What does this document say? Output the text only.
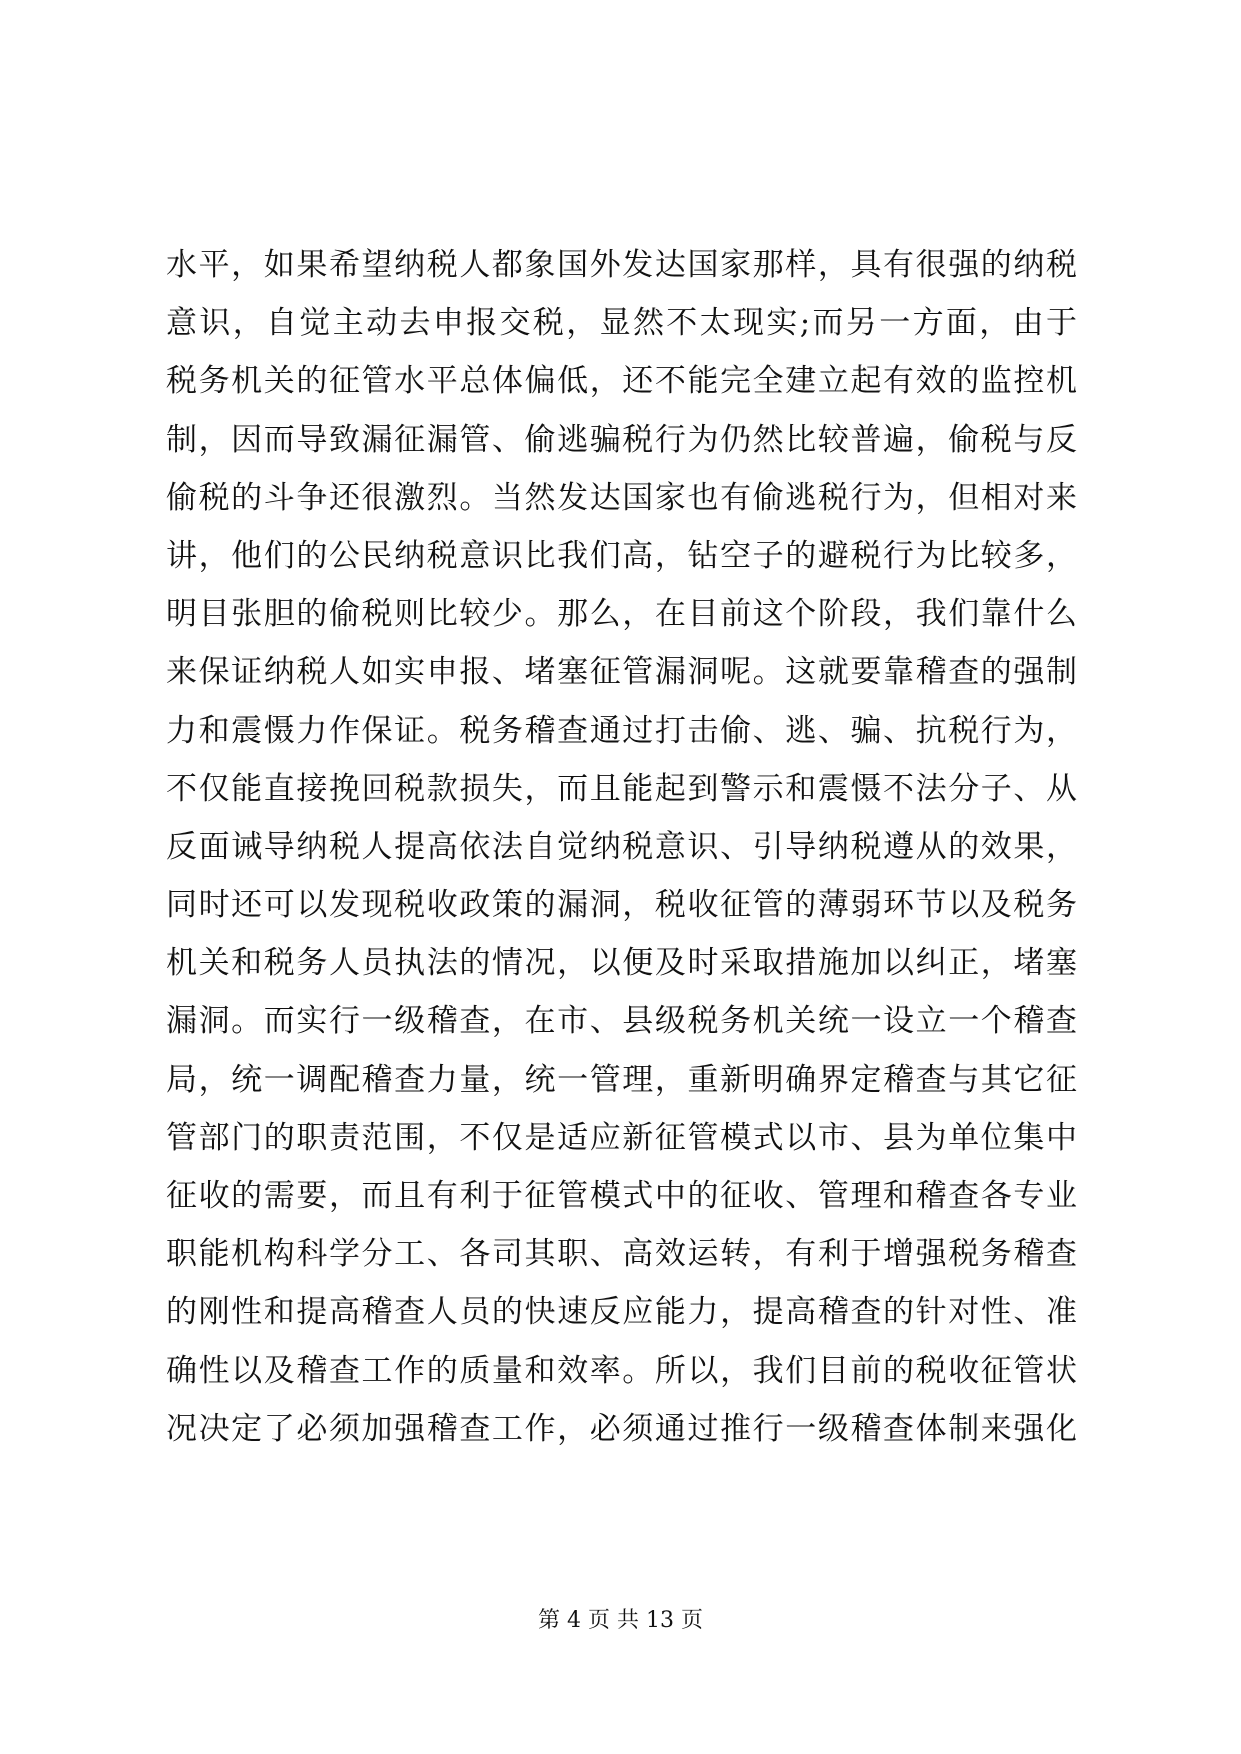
水平，如果希望纳税人都象国外发达国家那样，具有很强的纳税
意识，自觉主动去申报交税，显然不太现实;而另一方面，由于
税务机关的征管水平总体偏低，还不能完全建立起有效的监控机
制，因而导致漏征漏管、偷逃骗税行为仍然比较普遍，偷税与反
偷税的斗争还很激烈。当然发达国家也有偷逃税行为，但相对来
讲，他们的公民纳税意识比我们高，钻空子的避税行为比较多，
明目张胆的偷税则比较少。那么，在目前这个阶段，我们靠什么
来保证纳税人如实申报、堵塞征管漏洞呢。这就要靠稽查的强制
力和震慑力作保证。税务稽查通过打击偷、逃、骗、抗税行为，
不仅能直接挽回税款损失，而且能起到警示和震慑不法分子、从
反面诫导纳税人提高依法自觉纳税意识、引导纳税遵从的效果，
同时还可以发现税收政策的漏洞，税收征管的薄弱环节以及税务
机关和税务人员执法的情况，以便及时采取措施加以纠正，堵塞
漏洞。而实行一级稽查，在市、县级税务机关统一设立一个稽查
局，统一调配稽查力量，统一管理，重新明确界定稽查与其它征
管部门的职责范围，不仅是适应新征管模式以市、县为单位集中
征收的需要，而且有利于征管模式中的征收、管理和稽查各专业
职能机构科学分工、各司其职、高效运转，有利于增强税务稽查
的刚性和提高稽查人员的快速反应能力，提高稽查的针对性、准
确性以及稽查工作的质量和效率。所以，我们目前的税收征管状
况决定了必须加强稽查工作，必须通过推行一级稽查体制来强化
第 4 页 共 13 页
